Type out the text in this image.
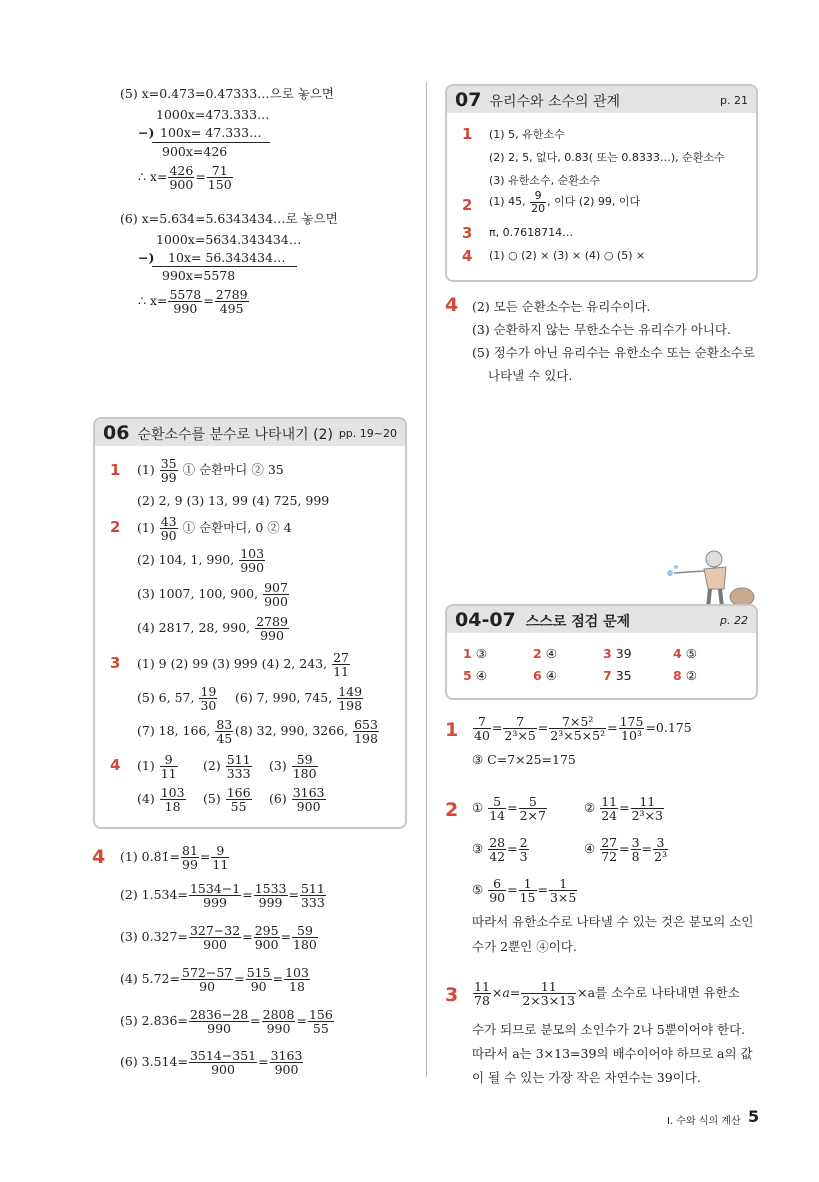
(5) x=0.473̇=0.47333…으로 놓으면
1000x=473.333…
−) 100x= 47.333…
900x=426
∴ $x= \frac{426}{900} = \frac{71}{150}$
(6) x=5.6̇34̇=5.6343434…로 놓으면
1000x=5634.343434…
−) 10x= 56.343434…
990x=5578
∴ $x= \frac{5578}{990} = \frac{2789}{495}$
06 순환소수를 분수로 나타내기 (2) pp. 19~20
1 $(1) \frac{35}{99}$ ① 순환마디 ② 35
(2) 2, 9 (3) 13, 99 (4) 725, 999
2 $(1) \frac{43}{90}$ ① 순환마디, 0 ② 4
(2) 104, 1, 990, $\frac{103}{990}$
(3) 1007, 100, 900, $\frac{907}{900}$
(4) 2817, 28, 990, $\frac{2789}{990}$
3 (1) 9 (2) 99 (3) 999 (4) 2, 243, $\frac{27}{11}$
(5) 6, 57, $\frac{19}{30} (6)$ 7, 990, 745, $\frac{149}{198}$
(7) 18, 166, $\frac{83}{45} (8)$ 32, 990, 3266, $\frac{653}{198}$
4 $(1) \frac{9}{11} (2) \frac{511}{333} (3) \frac{59}{180}$
$(4) \frac{103}{18} (5) \frac{166}{55} (6) \frac{3163}{900}$
4 (1) 0.8̇1̇= $\frac{81}{99} = \frac{9}{11}$
(2) 1.5̇34̇= $\frac{1534-1}{999} = \frac{1533}{999} = \frac{511}{333}$
(3) 0.327̇= $\frac{327-32}{900} = \frac{295}{900} = \frac{59}{180}$
(4) 5.72̇= $\frac{572-57}{90} = \frac{515}{90} = \frac{103}{18}$
(5) 2.8̇36̇= $\frac{2836-28}{990} = \frac{2808}{990} = \frac{156}{55}$
(6) 3.514̇= $\frac{3514-351}{900} = \frac{3163}{900}$
07 유리수와 소수의 관계	p. 21
1 (1) 5, 유한소수
(2) 2, 5, 없다, 0.83̇( 또는 0.8333…), 순환소수
(3) 유한소수, 순환소수
2 (1) 45, $\frac{9}{20}$ , 이다 (2) 99, 이다
3 π, 0.7618714…
4 (1) ○ (2) × (3) × (4) ○ (5) ×
4 (2) 모든 순환소수는 유리수이다.
(3) 순환하지 않는 무한소수는 유리수가 아니다.
(5) 정수가 아닌 유리수는 유한소수 또는 순환소수로
나타낼 수 있다.
04-07 스스로 점검 문제	p. 22
1 ③	2 ④	3 39	4 ⑤
5 ④	6 ④	7 35	8 ②
$1 \frac{7}{40} = \frac{7}{\text{2³×5}} = \frac{\text{7×5²}}{\text{2³×5×5²}} = \frac{175}{\text{10³}} =0.175$
③ C=7×25=175
2 ① $\frac{5}{14} = \frac{5}{2\times 7}$	② $\frac{11}{24} = \frac{11}{\text{2³×3}}$
③ $\frac{28}{42} = \frac{2}{3}$	④ $\frac{27}{72} = \frac{3}{8} = \frac{3}{\text{2³}}$
⑤ $\frac{6}{90} = \frac{1}{15} = \frac{1}{3\times 5}$
따라서 유한소수로 나타낼 수 있는 것은 분모의 소인
수가 2뿐인 ④이다.
$3 \frac{11}{78} \times a= \frac{11}{2\times 3\times 13} \times a$를 소수로 나타내면 유한소
수가 되므로 분모의 소인수가 2나 5뿐이어야 한다.
따라서 a는 3×13=39의 배수이어야 하므로 a의 값
이 될 수 있는 가장 작은 자연수는 39이다.
Ⅰ. 수와 식의 계산 5
